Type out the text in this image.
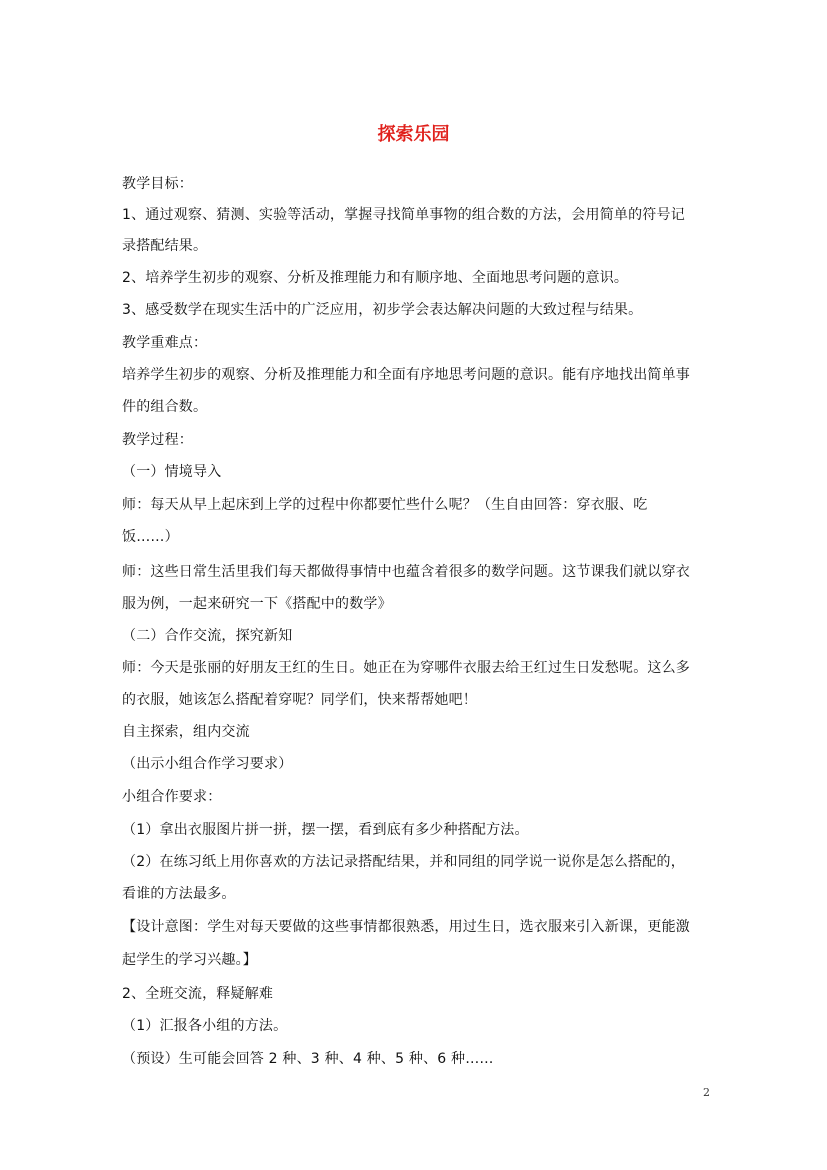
探索乐园
教学目标：
1、通过观察、猜测、实验等活动，掌握寻找简单事物的组合数的方法，会用简单的符号记
录搭配结果。
2、培养学生初步的观察、分析及推理能力和有顺序地、全面地思考问题的意识。
3、感受数学在现实生活中的广泛应用，初步学会表达解决问题的大致过程与结果。
教学重难点：
培养学生初步的观察、分析及推理能力和全面有序地思考问题的意识。能有序地找出简单事
件的组合数。
教学过程：
（一）情境导入
师：每天从早上起床到上学的过程中你都要忙些什么呢？（生自由回答：穿衣服、吃
饭……）
师：这些日常生活里我们每天都做得事情中也蕴含着很多的数学问题。这节课我们就以穿衣
服为例，一起来研究一下《搭配中的数学》
（二）合作交流，探究新知
师：今天是张丽的好朋友王红的生日。她正在为穿哪件衣服去给王红过生日发愁呢。这么多
的衣服，她该怎么搭配着穿呢？同学们，快来帮帮她吧！
自主探索，组内交流
（出示小组合作学习要求）
小组合作要求：
（1）拿出衣服图片拼一拼，摆一摆，看到底有多少种搭配方法。
（2）在练习纸上用你喜欢的方法记录搭配结果，并和同组的同学说一说你是怎么搭配的，
看谁的方法最多。
【设计意图：学生对每天要做的这些事情都很熟悉，用过生日，选衣服来引入新课，更能激
起学生的学习兴趣。】
2、全班交流，释疑解难
（1）汇报各小组的方法。
（预设）生可能会回答 2 种、3 种、4 种、5 种、6 种……
2
